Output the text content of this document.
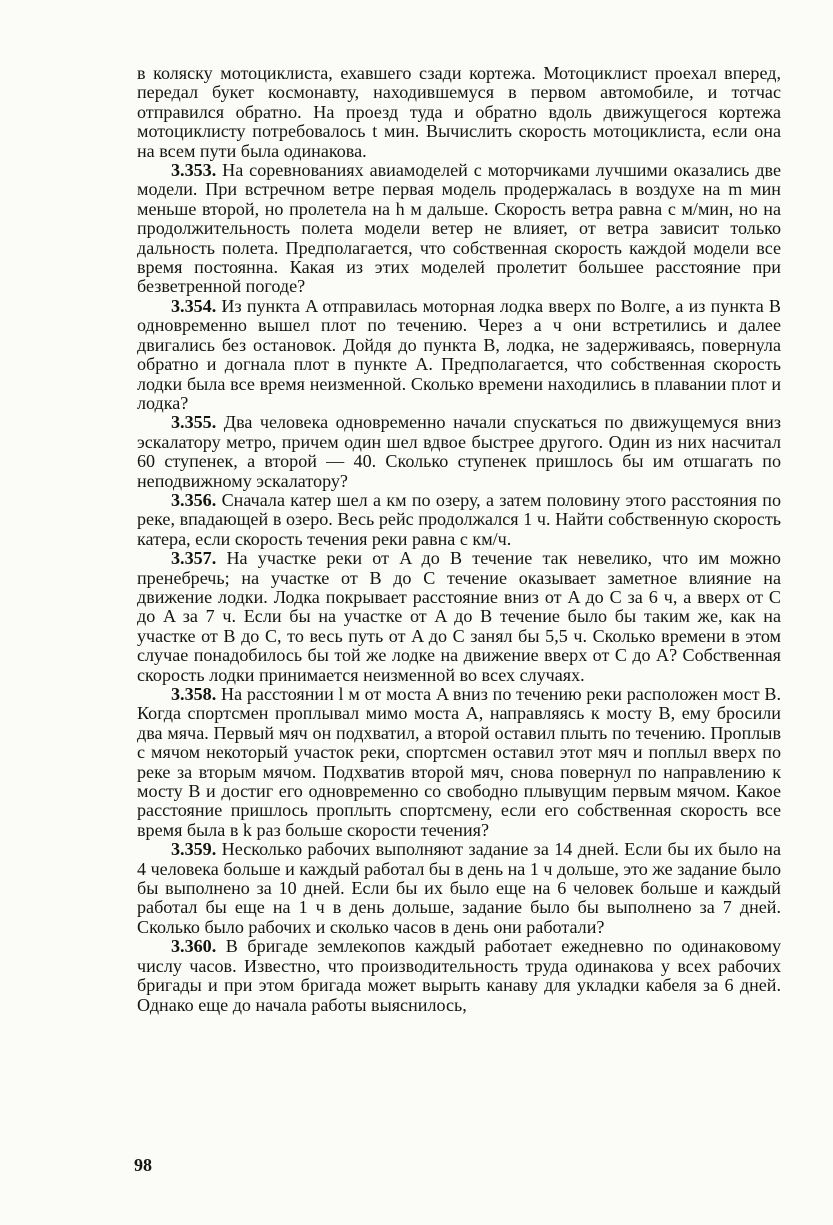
в коляску мотоциклиста, ехавшего сзади кортежа. Мотоциклист проехал вперед, передал букет космонавту, находившемуся в первом автомобиле, и тотчас отправился обратно. На проезд туда и обратно вдоль движущегося кортежа мотоциклисту потребовалось t мин. Вычислить скорость мотоциклиста, если она на всем пути была одинакова.

3.353. На соревнованиях авиамоделей с моторчиками лучшими оказались две модели. При встречном ветре первая модель продержалась в воздухе на m мин меньше второй, но пролетела на h м дальше. Скорость ветра равна c м/мин, но на продолжительность полета модели ветер не влияет, от ветра зависит только дальность полета. Предполагается, что собственная скорость каждой модели все время постоянна. Какая из этих моделей пролетит большее расстояние при безветренной погоде?

3.354. Из пункта A отправилась моторная лодка вверх по Волге, а из пункта B одновременно вышел плот по течению. Через a ч они встретились и далее двигались без остановок. Дойдя до пункта B, лодка, не задерживаясь, повернула обратно и догнала плот в пункте A. Предполагается, что собственная скорость лодки была все время неизменной. Сколько времени находились в плавании плот и лодка?

3.355. Два человека одновременно начали спускаться по движущемуся вниз эскалатору метро, причем один шел вдвое быстрее другого. Один из них насчитал 60 ступенек, а второй — 40. Сколько ступенек пришлось бы им отшагать по неподвижному эскалатору?

3.356. Сначала катер шел a км по озеру, а затем половину этого расстояния по реке, впадающей в озеро. Весь рейс продолжался 1 ч. Найти собственную скорость катера, если скорость течения реки равна c км/ч.

3.357. На участке реки от A до B течение так невелико, что им можно пренебречь; на участке от B до C течение оказывает заметное влияние на движение лодки. Лодка покрывает расстояние вниз от A до C за 6 ч, а вверх от C до A за 7 ч. Если бы на участке от A до B течение было бы таким же, как на участке от B до C, то весь путь от A до C занял бы 5,5 ч. Сколько времени в этом случае понадобилось бы той же лодке на движение вверх от C до A? Собственная скорость лодки принимается неизменной во всех случаях.

3.358. На расстоянии l м от моста A вниз по течению реки расположен мост B. Когда спортсмен проплывал мимо моста A, направляясь к мосту B, ему бросили два мяча. Первый мяч он подхватил, а второй оставил плыть по течению. Проплыв с мячом некоторый участок реки, спортсмен оставил этот мяч и поплыл вверх по реке за вторым мячом. Подхватив второй мяч, снова повернул по направлению к мосту B и достиг его одновременно со свободно плывущим первым мячом. Какое расстояние пришлось проплыть спортсмену, если его собственная скорость все время была в k раз больше скорости течения?

3.359. Несколько рабочих выполняют задание за 14 дней. Если бы их было на 4 человека больше и каждый работал бы в день на 1 ч дольше, это же задание было бы выполнено за 10 дней. Если бы их было еще на 6 человек больше и каждый работал бы еще на 1 ч в день дольше, задание было бы выполнено за 7 дней. Сколько было рабочих и сколько часов в день они работали?

3.360. В бригаде землекопов каждый работает ежедневно по одинаковому числу часов. Известно, что производительность труда одинакова у всех рабочих бригады и при этом бригада может вырыть канаву для укладки кабеля за 6 дней. Однако еще до начала работы выяснилось,

98
